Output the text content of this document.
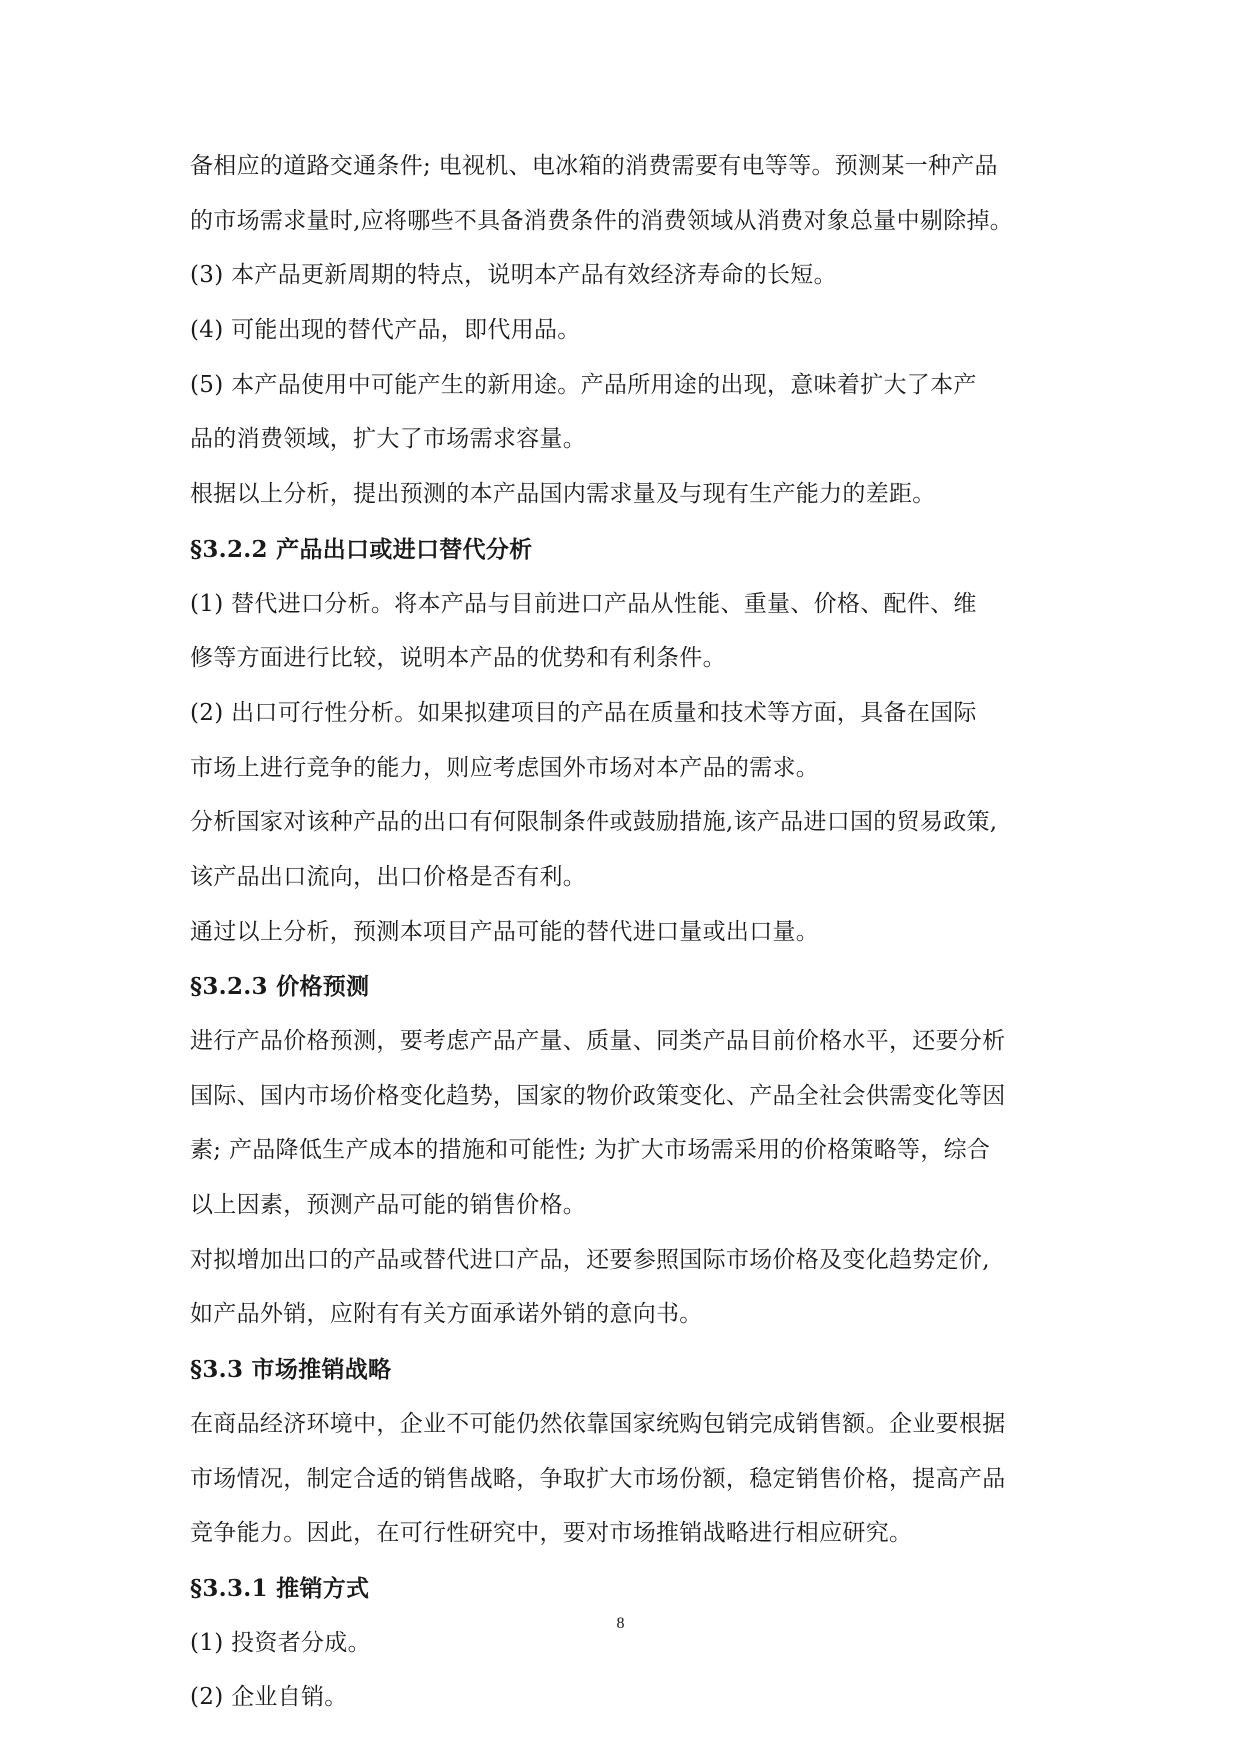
备相应的道路交通条件; 电视机、电冰箱的消费需要有电等等。预测某一种产品
的市场需求量时,应将哪些不具备消费条件的消费领域从消费对象总量中剔除掉。
(3) 本产品更新周期的特点，说明本产品有效经济寿命的长短。
(4) 可能出现的替代产品，即代用品。
(5) 本产品使用中可能产生的新用途。产品所用途的出现，意味着扩大了本产
品的消费领域，扩大了市场需求容量。
根据以上分析，提出预测的本产品国内需求量及与现有生产能力的差距。
§3.2.2 产品出口或进口替代分析
(1) 替代进口分析。将本产品与目前进口产品从性能、重量、价格、配件、维
修等方面进行比较，说明本产品的优势和有利条件。
(2) 出口可行性分析。如果拟建项目的产品在质量和技术等方面，具备在国际
市场上进行竞争的能力，则应考虑国外市场对本产品的需求。
分析国家对该种产品的出口有何限制条件或鼓励措施,该产品进口国的贸易政策,
该产品出口流向，出口价格是否有利。
通过以上分析，预测本项目产品可能的替代进口量或出口量。
§3.2.3 价格预测
进行产品价格预测，要考虑产品产量、质量、同类产品目前价格水平，还要分析
国际、国内市场价格变化趋势，国家的物价政策变化、产品全社会供需变化等因
素; 产品降低生产成本的措施和可能性; 为扩大市场需采用的价格策略等，综合
以上因素，预测产品可能的销售价格。
对拟增加出口的产品或替代进口产品，还要参照国际市场价格及变化趋势定价,
如产品外销，应附有有关方面承诺外销的意向书。
§3.3 市场推销战略
在商品经济环境中，企业不可能仍然依靠国家统购包销完成销售额。企业要根据
市场情况，制定合适的销售战略，争取扩大市场份额，稳定销售价格，提高产品
竞争能力。因此，在可行性研究中，要对市场推销战略进行相应研究。
§3.3.1 推销方式
(1) 投资者分成。
(2) 企业自销。
8
